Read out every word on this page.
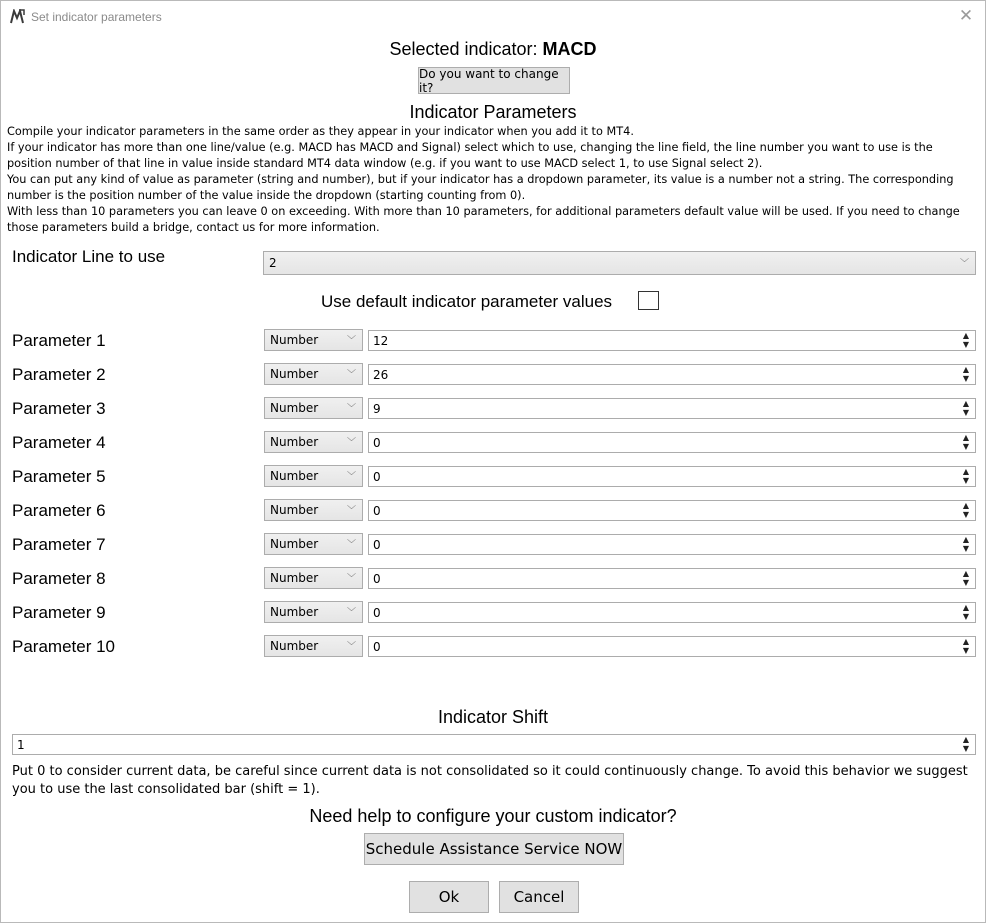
Set indicator parameters	✕
Selected indicator: MACD
Do you want to change it?
Indicator Parameters

Compile your indicator parameters in the same order as they appear in your indicator when you add it to MT4.

If your indicator has more than one line/value (e.g. MACD has MACD and Signal) select which to use, changing the line field, the line number you want to use is the position number of that line in value inside standard MT4 data window (e.g. if you want to use MACD select 1, to use Signal select 2).

You can put any kind of value as parameter (string and number), but if your indicator has a dropdown parameter, its value is a number not a string. The corresponding number is the position number of the value inside the dropdown (starting counting from 0).

With less than 10 parameters you can leave 0 on exceeding. With more than 10 parameters, for additional parameters default value will be used. If you need to change those parameters build a bridge, contact us for more information.

Indicator Line to use	2	﹀
Use default indicator parameter values
Parameter 1	Number	﹀ 12	▲
▼
Parameter 2	Number	﹀ 26	▲
▼
Parameter 3	Number	﹀ 9	▲
▼
Parameter 4	Number	﹀ 0	▲
▼
Parameter 5	Number	﹀ 0	▲
▼
Parameter 6	Number	﹀ 0	▲
▼
Parameter 7	Number	﹀ 0	▲
▼
Parameter 8	Number	﹀ 0	▲
▼
Parameter 9	Number	﹀ 0	▲
▼
Parameter 10	Number	﹀ 0	▲
▼
Indicator Shift
1	▲
▼
Put 0 to consider current data, be careful since current data is not consolidated so it could continuously change. To avoid this behavior we suggest you to use the last consolidated bar (shift = 1).
Need help to configure your custom indicator?
Schedule Assistance Service NOW
Ok	Cancel
